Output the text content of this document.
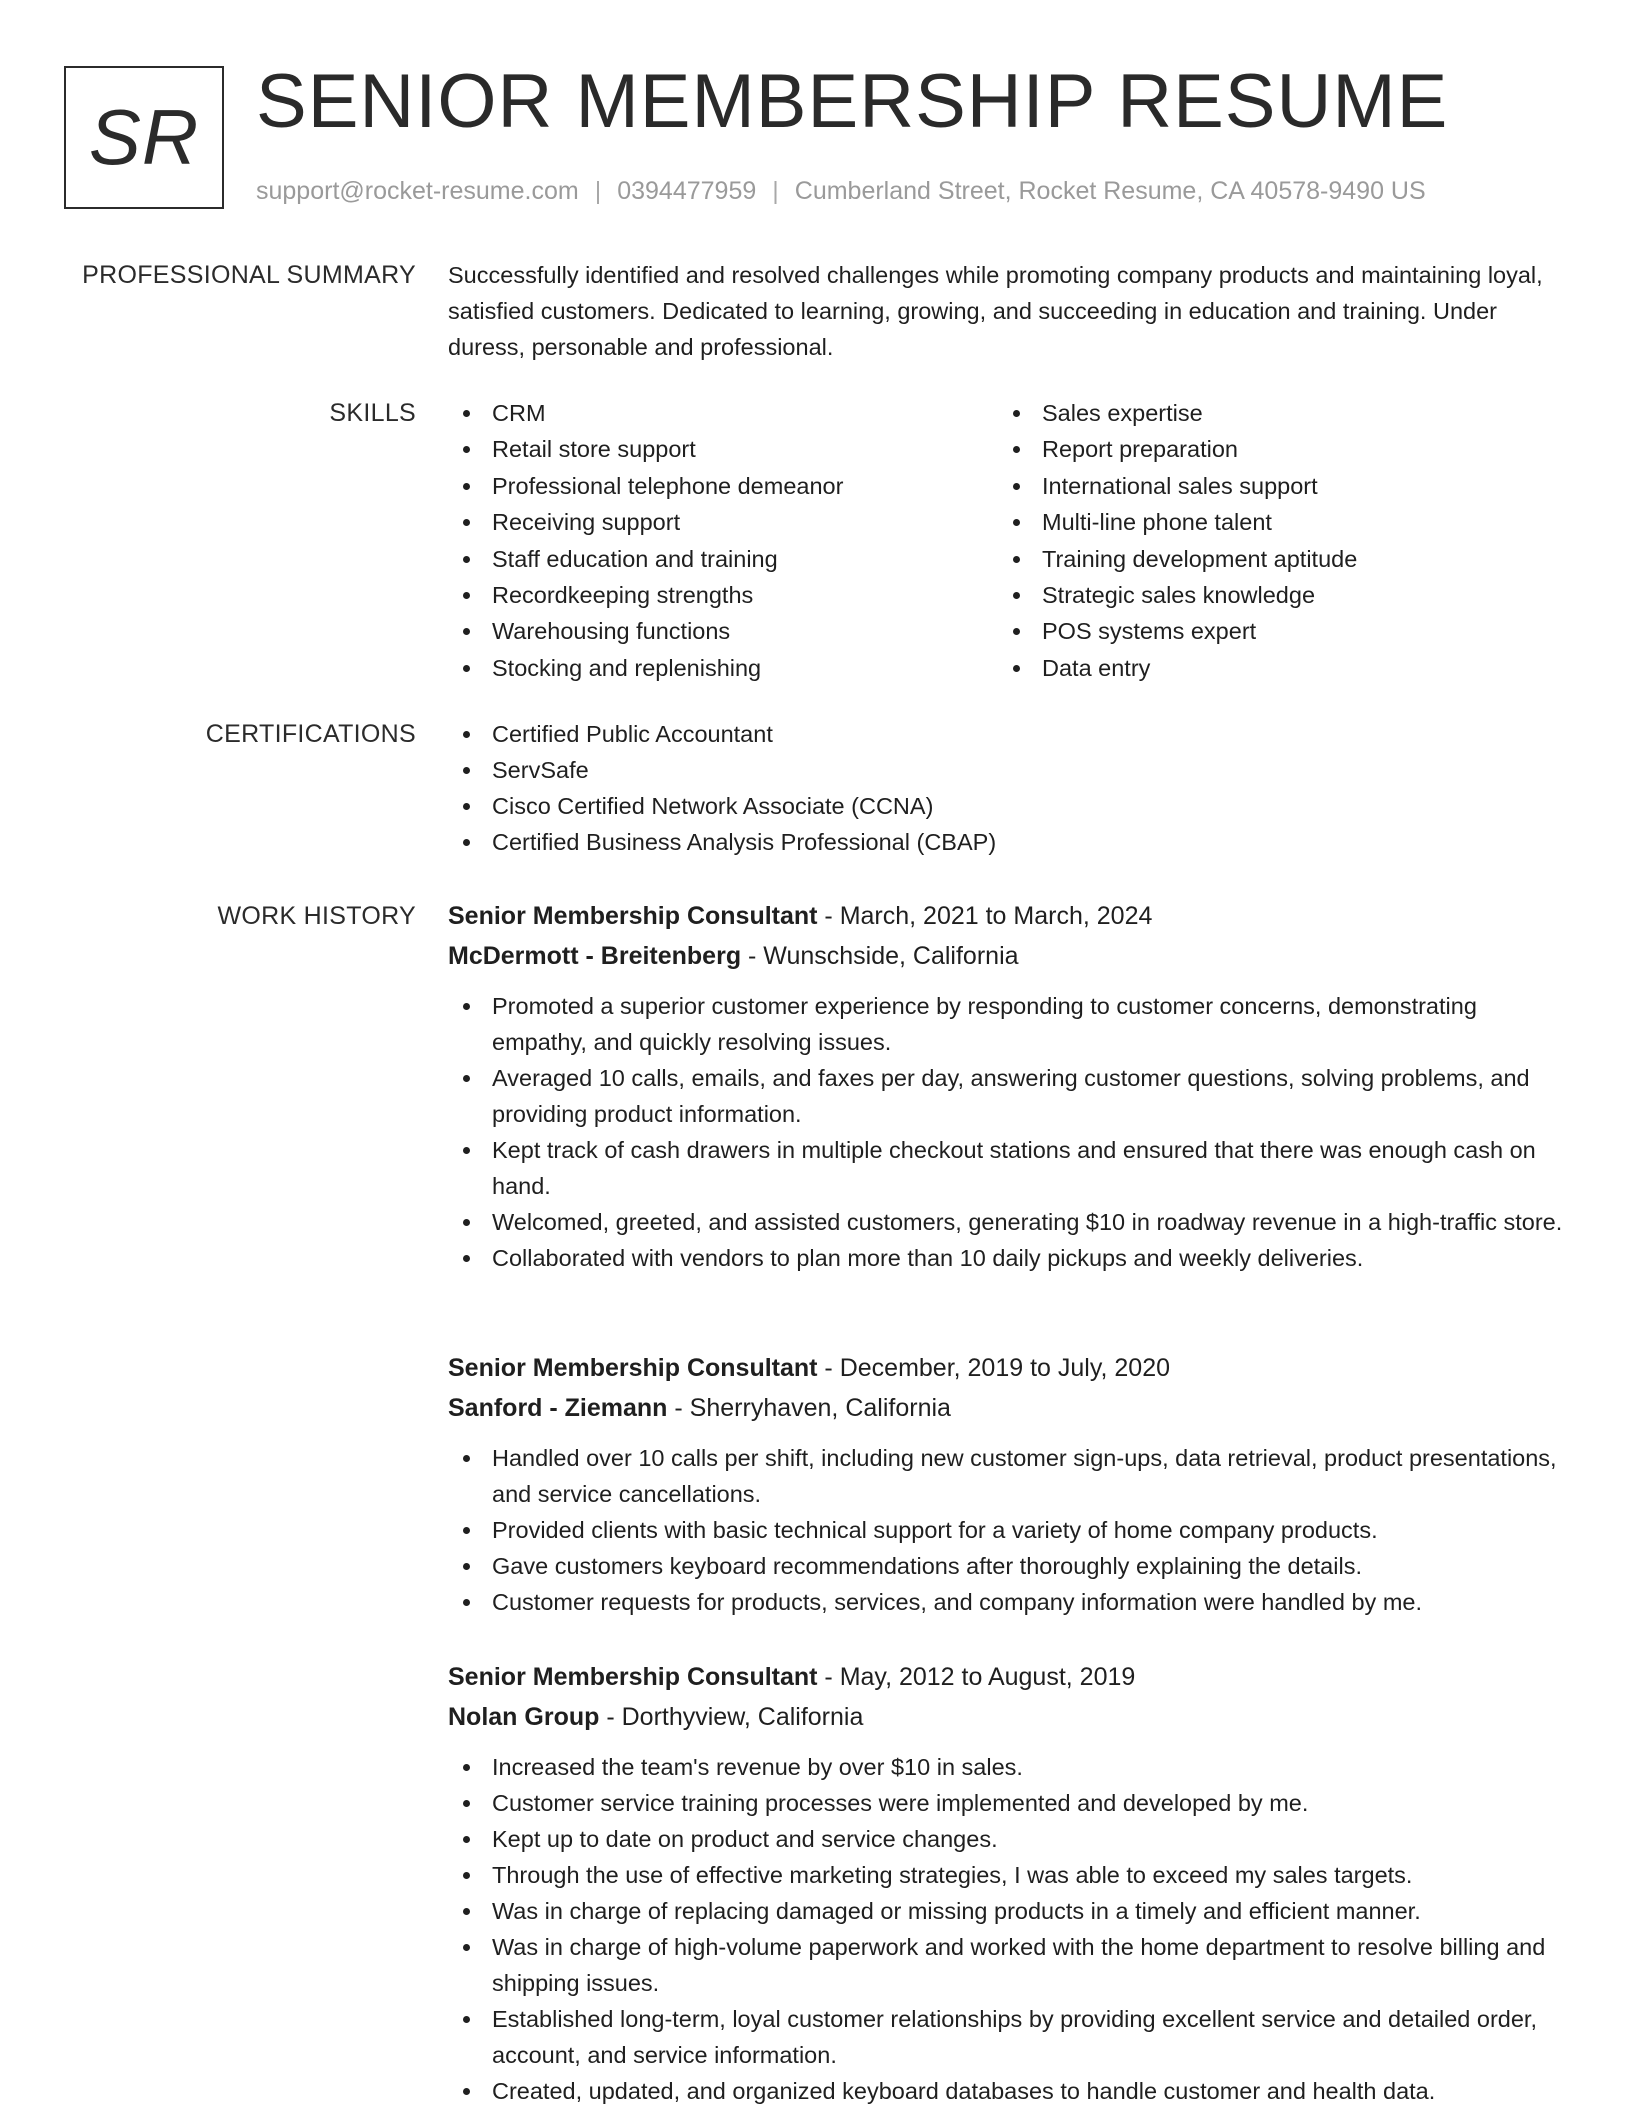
SR SENIOR MEMBERSHIP RESUME
support@rocket-resume.com | 0394477959 | Cumberland Street, Rocket Resume, CA 40578-9490 US
PROFESSIONAL SUMMARY Successfully identified and resolved challenges while promoting company products and maintaining loyal, satisfied customers. Dedicated to learning, growing, and succeeding in education and training. Under duress, personable and professional.
SKILLS	CRM
Retail store support
Professional telephone demeanor
Receiving support
Staff education and training
Recordkeeping strengths
Warehousing functions
Stocking and replenishing
Sales expertise
Report preparation
International sales support
Multi-line phone talent
Training development aptitude
Strategic sales knowledge
POS systems expert
Data entry
CERTIFICATIONS	Certified Public Accountant
ServSafe
Cisco Certified Network Associate (CCNA)
Certified Business Analysis Professional (CBAP)
WORK HISTORY Senior Membership Consultant - March, 2021 to March, 2024
McDermott - Breitenberg - Wunschside, California
Promoted a superior customer experience by responding to customer concerns, demonstrating empathy, and quickly resolving issues.
Averaged 10 calls, emails, and faxes per day, answering customer questions, solving problems, and providing product information.
Kept track of cash drawers in multiple checkout stations and ensured that there was enough cash on hand.
Welcomed, greeted, and assisted customers, generating $10 in roadway revenue in a high-traffic store.
Collaborated with vendors to plan more than 10 daily pickups and weekly deliveries.
Senior Membership Consultant - December, 2019 to July, 2020
Sanford - Ziemann - Sherryhaven, California
Handled over 10 calls per shift, including new customer sign-ups, data retrieval, product presentations, and service cancellations.
Provided clients with basic technical support for a variety of home company products.
Gave customers keyboard recommendations after thoroughly explaining the details.
Customer requests for products, services, and company information were handled by me.
Senior Membership Consultant - May, 2012 to August, 2019
Nolan Group - Dorthyview, California
Increased the team's revenue by over $10 in sales.
Customer service training processes were implemented and developed by me.
Kept up to date on product and service changes.
Through the use of effective marketing strategies, I was able to exceed my sales targets.
Was in charge of replacing damaged or missing products in a timely and efficient manner.
Was in charge of high-volume paperwork and worked with the home department to resolve billing and shipping issues.
Established long-term, loyal customer relationships by providing excellent service and detailed order, account, and service information.
Created, updated, and organized keyboard databases to handle customer and health data.
